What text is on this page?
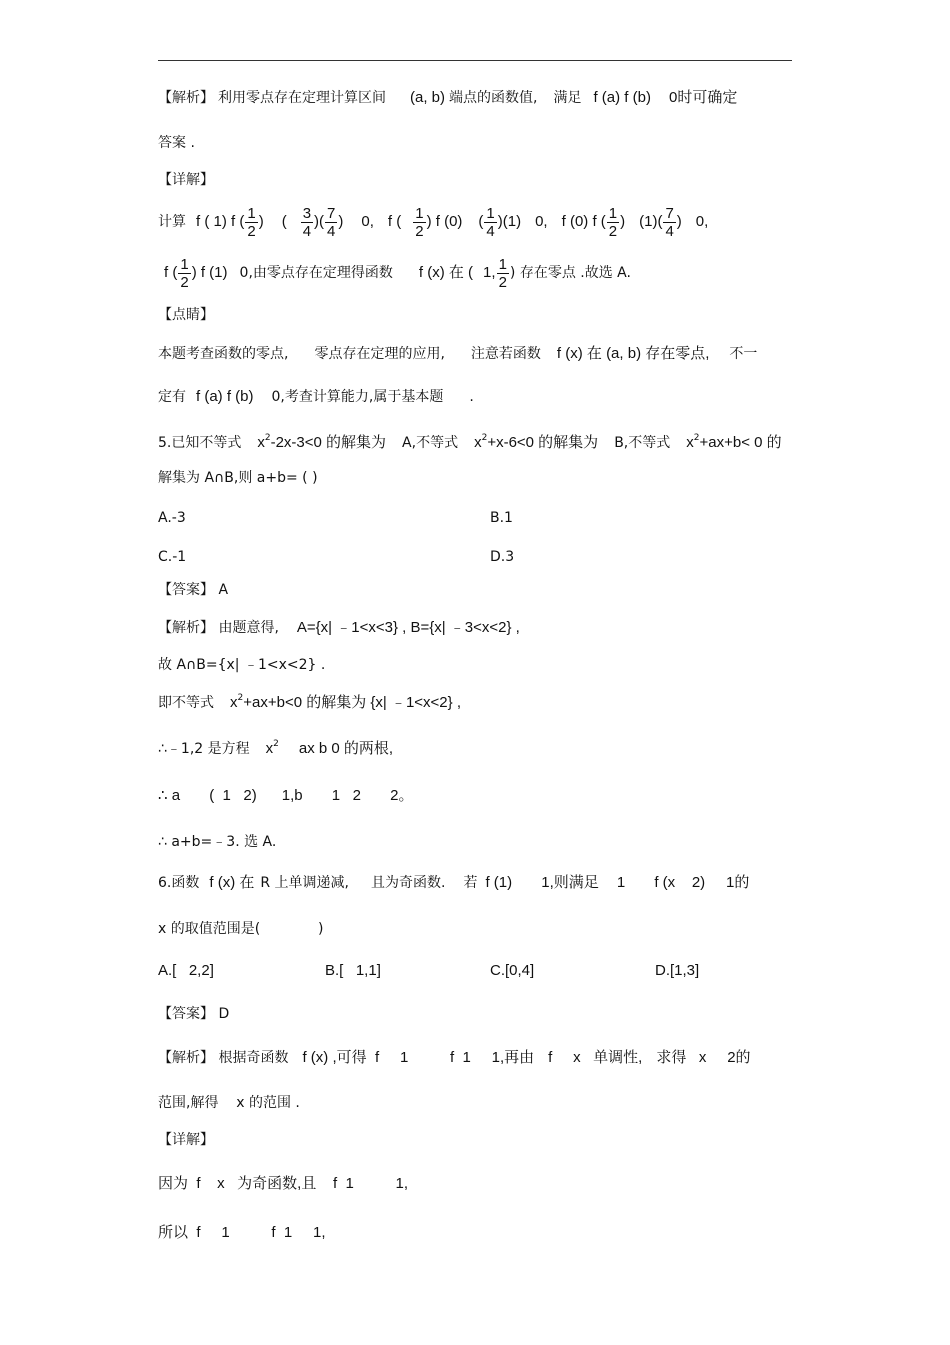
【解析】 利用零点存在定理计算区间 (a, b) 端点的函数值, 满足 f (a) f (b) 0时可确定
答案 .
【详解】
计算 f ( 1) f ( $\frac{1}{2}$ ) ( $\frac{3}{4}$ )( $\frac{7}{4}$ ) 0, f ( $\frac{1}{2}$ ) f (0) ( $\frac{1}{4} )(1)$ 0, f (0) f ( $\frac{1}{2}$ ) $(1)( \frac{7}{4}$ ) 0,
f ( $\frac{1}{2}$ ) f (1) 0,由零点存在定理得函数 f (x) 在 ( 1, $\frac{1}{2}$ ) 存在零点 .故选 A.
【点睛】
本题考查函数的零点, 零点存在定理的应用, 注意若函数 f (x) 在 (a, b) 存在零点, 不一
定有 f (a) f (b) 0,考查计算能力,属于基本题 .
5.已知不等式 $x^2-2x-3<0$ 的解集为 A,不等式 $x^2+x-6<0$ 的解集为 B,不等式 $x^2+ax+b< 0$ 的
解集为 A∩B,则 a+b= ( )
A.-3	B.1
C.-1	D.3
【答案】 A
【解析】 由题意得, A={x| ﹣1<x<3} , B={x| ﹣3<x<2} ,
故 A∩B={x| ﹣1<x<2} .
即不等式 $x^2+ax+b<0$ 的解集为 {x| ﹣1<x<2} ,
∴﹣1,2 是方程 $x^2$ ax b 0 的两根,
∴ a       (  1   2)      1,b       1   2       2。
∴ a+b=﹣3. 选 A.
6.函数 f (x) 在 R 上单调递减, 且为奇函数. 若 f (1)       1,则满足 1       f (x    2)     1的
x 的取值范围是(             )
A.[   2,2]	B.[   1,1]	C.[0,4]	D.[1,3]
【答案】 D
【解析】 根据奇函数 f (x) ,可得  f     1          f  1     1,再由 f     x   单调性, 求得   x     2的
范围,解得    x 的范围 .
【详解】
因为  f    x   为奇函数,且    f  1          1,
所以  f     1          f  1     1,
